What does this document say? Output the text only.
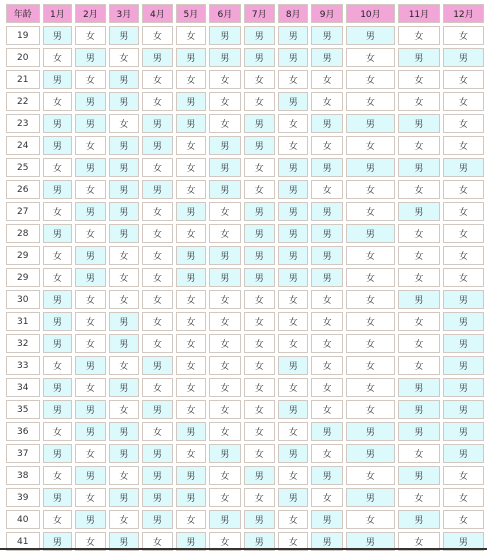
年龄	1月	2月	3月	4月	5月	6月	7月	8月	9月	10月	11月	12月
19	男	女	男	女	女	男	男	男	男	男	女	女
20	女	男	女	男	男	男	男	男	男	女	男	男
21	男	女	男	女	女	女	女	女	女	女	女	女
22	女	男	男	女	男	女	女	男	女	女	女	女
23	男	男	女	男	男	女	男	女	男	男	男	女
24	男	女	男	男	女	男	男	女	女	女	女	女
25	女	男	男	女	女	男	女	男	男	男	男	男
26	男	女	男	男	女	男	女	男	女	女	女	女
27	女	男	男	女	男	女	男	男	男	女	男	女
28	男	女	男	女	女	女	男	男	男	男	女	女
29	女	男	女	女	男	男	男	男	男	女	女	女
29	女	男	女	女	男	男	男	男	男	女	女	女
30	男	女	女	女	女	女	女	女	女	女	男	男
31	男	女	男	女	女	女	女	女	女	女	女	男
32	男	女	男	女	女	女	女	女	女	女	女	男
33	女	男	女	男	女	女	女	男	女	女	女	男
34	男	女	男	女	女	女	女	女	女	女	男	男
35	男	男	女	男	女	女	女	男	女	女	男	男
36	女	男	男	女	男	女	女	女	男	男	男	男
37	男	女	男	男	女	男	女	男	女	男	女	男
38	女	男	女	男	男	女	男	女	男	女	男	女
39	男	女	男	男	男	女	女	男	女	男	女	女
40	女	男	女	男	女	男	男	女	男	女	男	女
41	男	女	男	女	男	女	男	女	男	男	女	男
